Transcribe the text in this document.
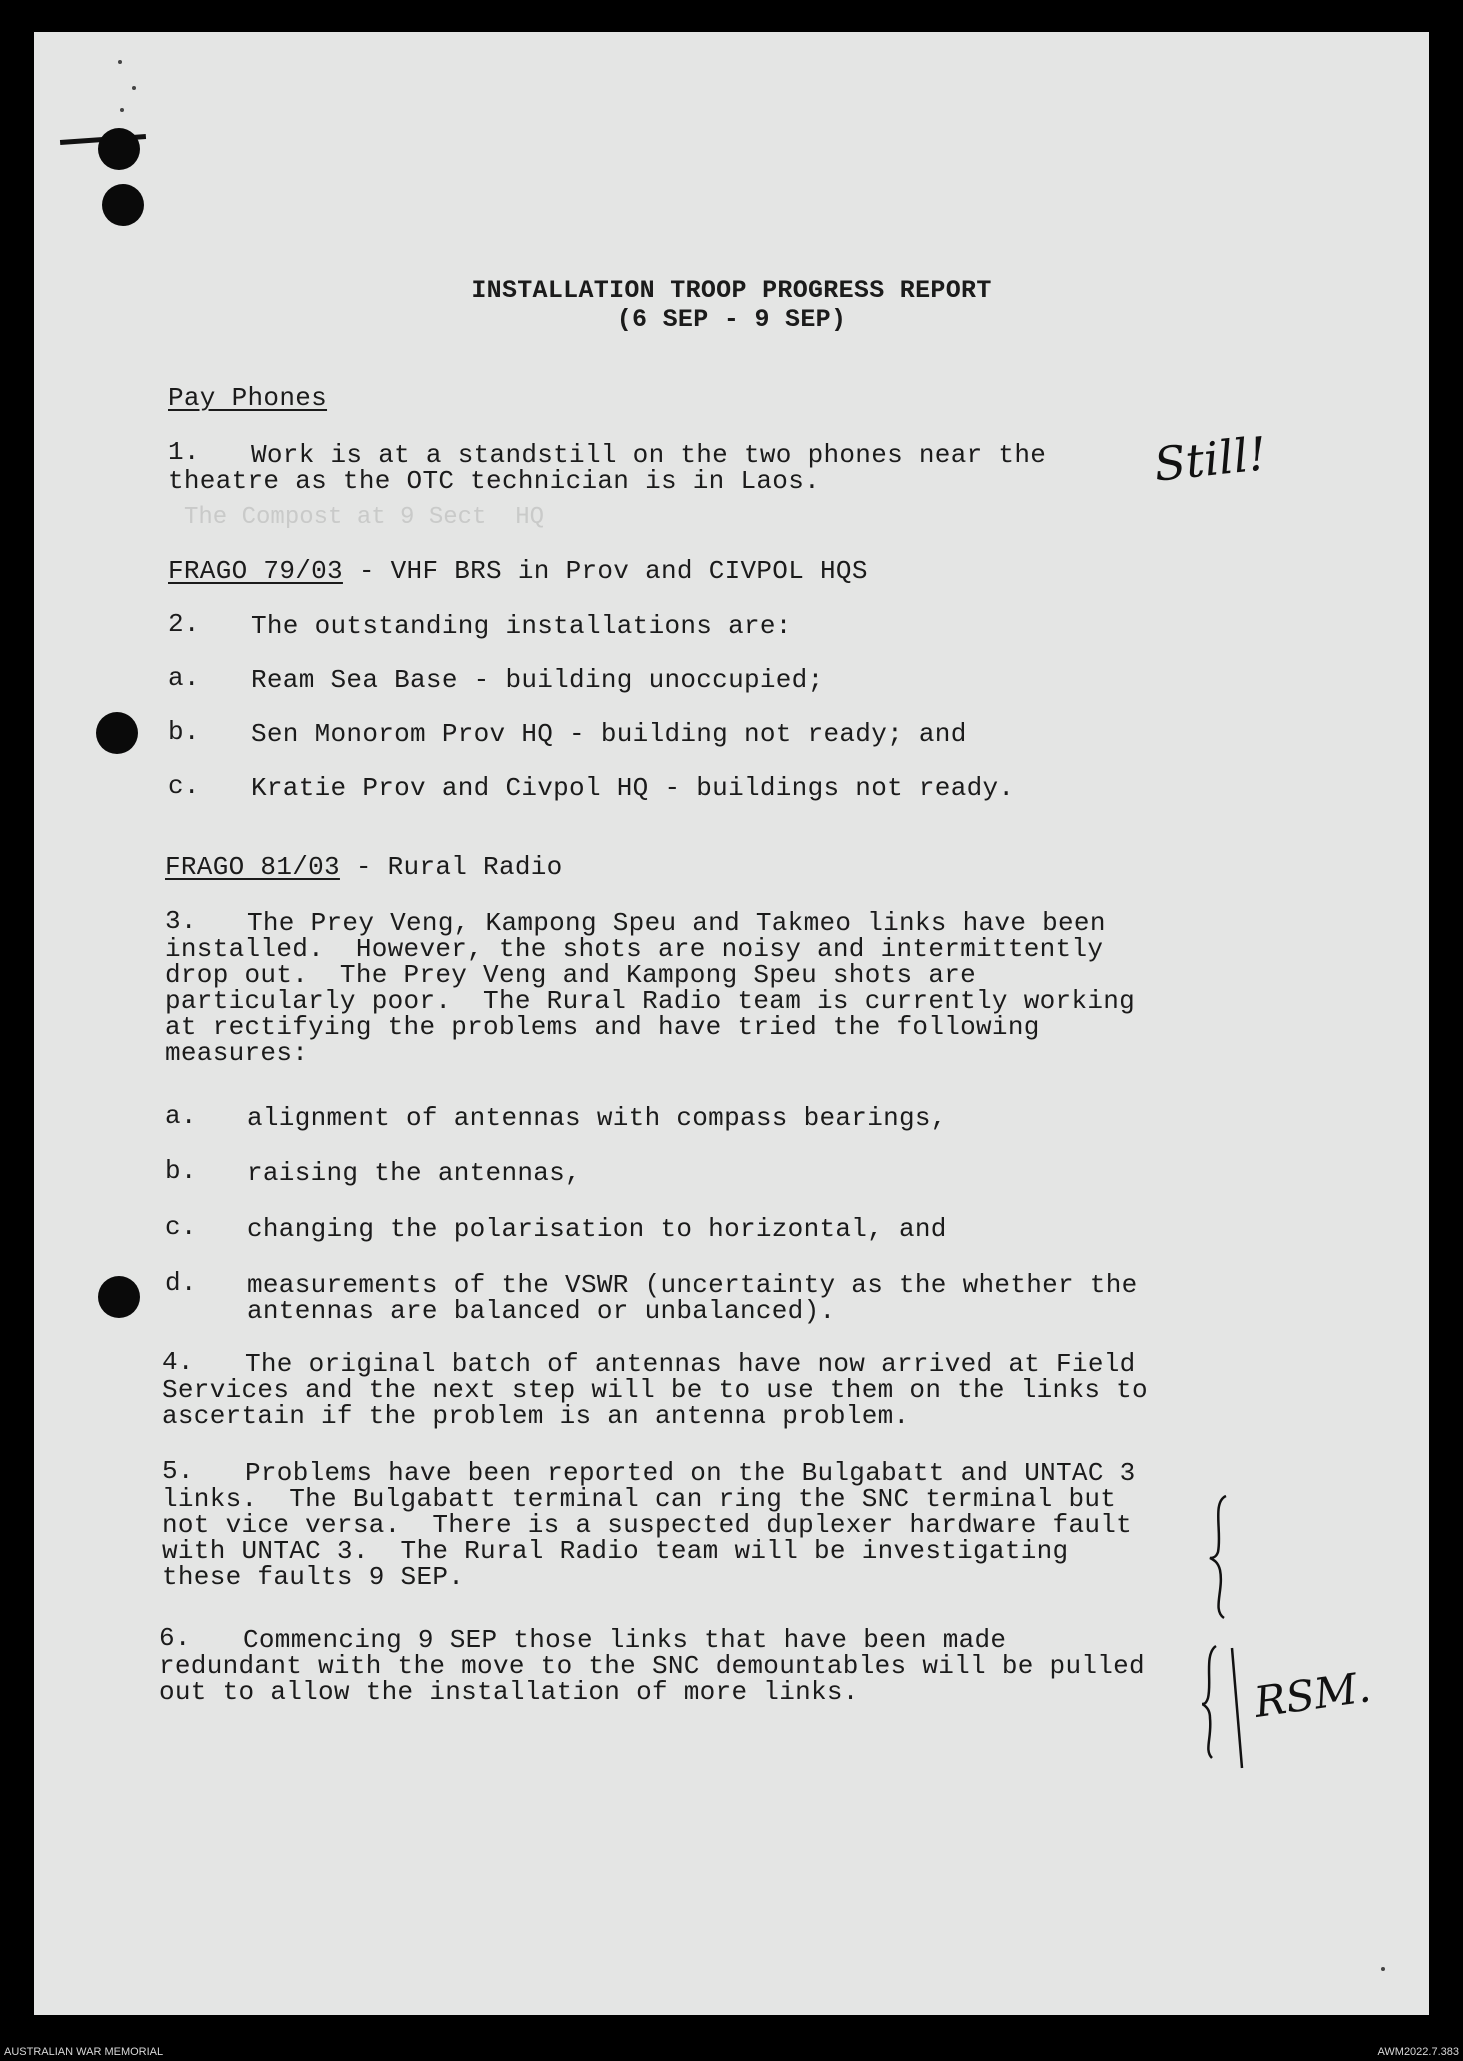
INSTALLATION TROOP PROGRESS REPORT
(6 SEP - 9 SEP)
Pay Phones
1. Work is at a standstill on the two phones near the
theatre as the OTC technician is in Laos.
The Compost at 9 Sect  HQ
FRAGO 79/03 - VHF BRS in Prov and CIVPOL HQS
2. The outstanding installations are:
a. Ream Sea Base - building unoccupied;
b. Sen Monorom Prov HQ - building not ready; and
c. Kratie Prov and Civpol HQ - buildings not ready.
FRAGO 81/03 - Rural Radio
3. The Prey Veng, Kampong Speu and Takmeo links have been
installed.  However, the shots are noisy and intermittently
drop out.  The Prey Veng and Kampong Speu shots are
particularly poor.  The Rural Radio team is currently working
at rectifying the problems and have tried the following
measures:
a. alignment of antennas with compass bearings,
b. raising the antennas,
c. changing the polarisation to horizontal, and
d. measurements of the VSWR (uncertainty as the whether the
antennas are balanced or unbalanced).
4. The original batch of antennas have now arrived at Field
Services and the next step will be to use them on the links to
ascertain if the problem is an antenna problem.
5. Problems have been reported on the Bulgabatt and UNTAC 3
links.  The Bulgabatt terminal can ring the SNC terminal but
not vice versa.  There is a suspected duplexer hardware fault
with UNTAC 3.  The Rural Radio team will be investigating
these faults 9 SEP.
6. Commencing 9 SEP those links that have been made
redundant with the move to the SNC demountables will be pulled
out to allow the installation of more links.
Still!
RSM.
AUSTRALIAN WAR MEMORIAL	AWM2022.7.383
